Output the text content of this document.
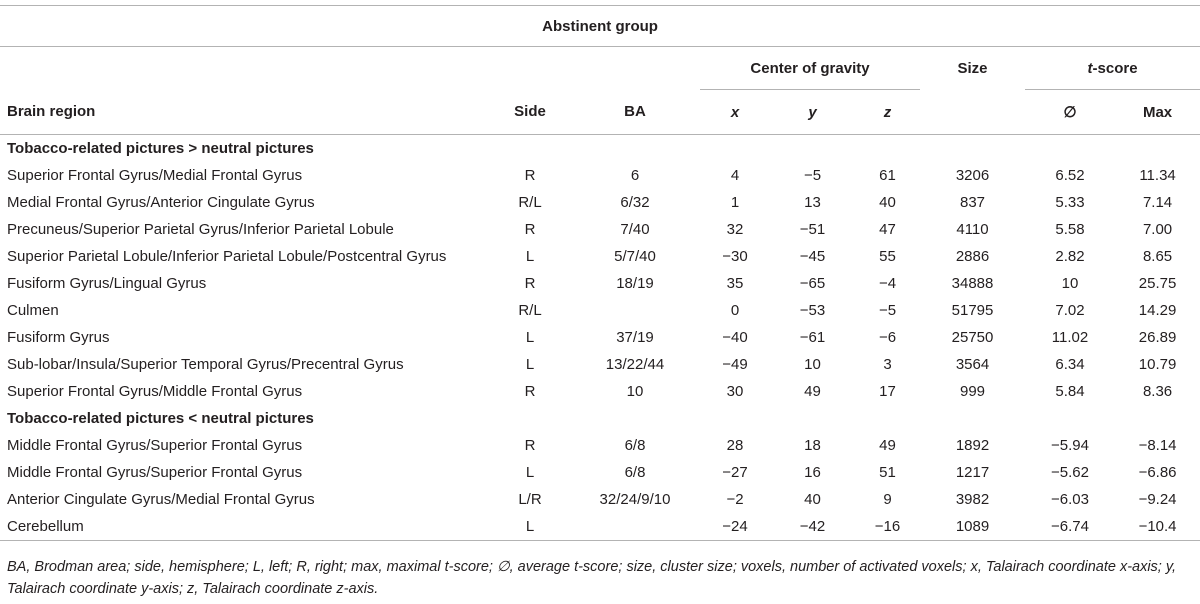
Abstinent group								
			Center of gravity			Size	t-score	
Brain region	Side	BA	x	y	z		∅	Max
Tobacco-related pictures > neutral pictures								
Superior Frontal Gyrus/Medial Frontal Gyrus	R	6	4	−5	61	3206	6.52	11.34
Medial Frontal Gyrus/Anterior Cingulate Gyrus	R/L	6/32	1	13	40	837	5.33	7.14
Precuneus/Superior Parietal Gyrus/Inferior Parietal Lobule	R	7/40	32	−51	47	4110	5.58	7.00
Superior Parietal Lobule/Inferior Parietal Lobule/Postcentral Gyrus	L	5/7/40	−30	−45	55	2886	2.82	8.65
Fusiform Gyrus/Lingual Gyrus	R	18/19	35	−65	−4	34888	10	25.75
Culmen	R/L		0	−53	−5	51795	7.02	14.29
Fusiform Gyrus	L	37/19	−40	−61	−6	25750	11.02	26.89
Sub-lobar/Insula/Superior Temporal Gyrus/Precentral Gyrus	L	13/22/44	−49	10	3	3564	6.34	10.79
Superior Frontal Gyrus/Middle Frontal Gyrus	R	10	30	49	17	999	5.84	8.36
Tobacco-related pictures < neutral pictures								
Middle Frontal Gyrus/Superior Frontal Gyrus	R	6/8	28	18	49	1892	−5.94	−8.14
Middle Frontal Gyrus/Superior Frontal Gyrus	L	6/8	−27	16	51	1217	−5.62	−6.86
Anterior Cingulate Gyrus/Medial Frontal Gyrus	L/R	32/24/9/10	−2	40	9	3982	−6.03	−9.24
Cerebellum	L		−24	−42	−16	1089	−6.74	−10.4
BA, Brodman area; side, hemisphere; L, left; R, right; max, maximal t-score; ∅, average t-score; size, cluster size; voxels, number of activated voxels; x, Talairach coordinate x-axis; y, Talairach coordinate y-axis; z, Talairach coordinate z-axis.
